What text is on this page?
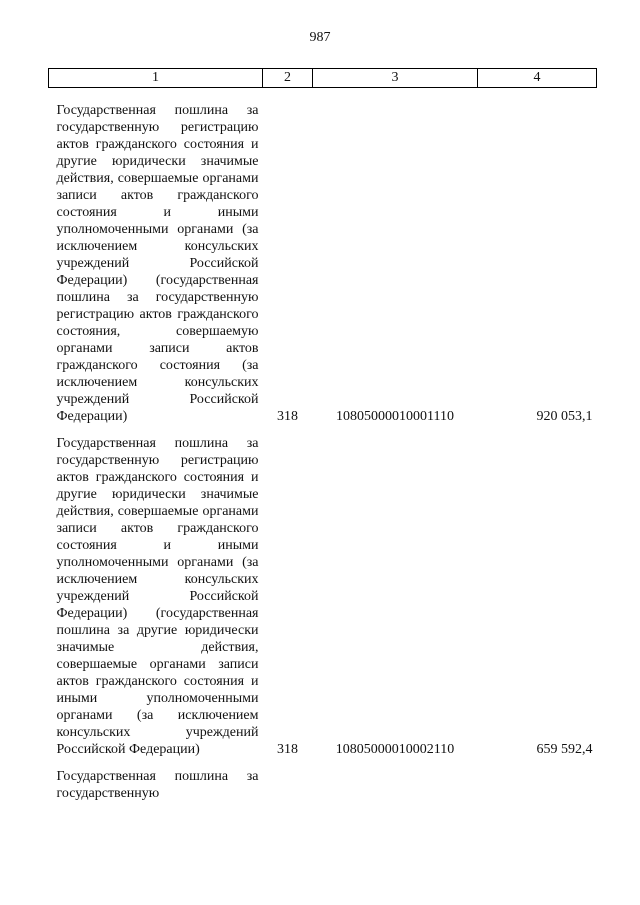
987
1	2	3	4
Государственная пошлина за государственную регистрацию актов гражданского состояния и другие юридически значимые действия, совершаемые органами записи актов гражданского состояния и иными уполномоченными органами (за исключением консульских учреждений Российской Федерации) (государственная пошлина за государственную регистрацию актов гражданского состояния, совершаемую органами записи актов гражданского состояния (за исключением консульских учреждений Российской Федерации)	318	10805000010001110	920 053,1

Государственная пошлина за государственную регистрацию актов гражданского состояния и другие юридически значимые действия, совершаемые органами записи актов гражданского состояния и иными уполномоченными органами (за исключением консульских учреждений Российской Федерации) (государственная пошлина за другие юридически значимые действия, совершаемые органами записи актов гражданского состояния и иными уполномоченными органами (за исключением консульских учреждений Российской Федерации)	318	10805000010002110	659 592,4

Государственная пошлина за государственную			
